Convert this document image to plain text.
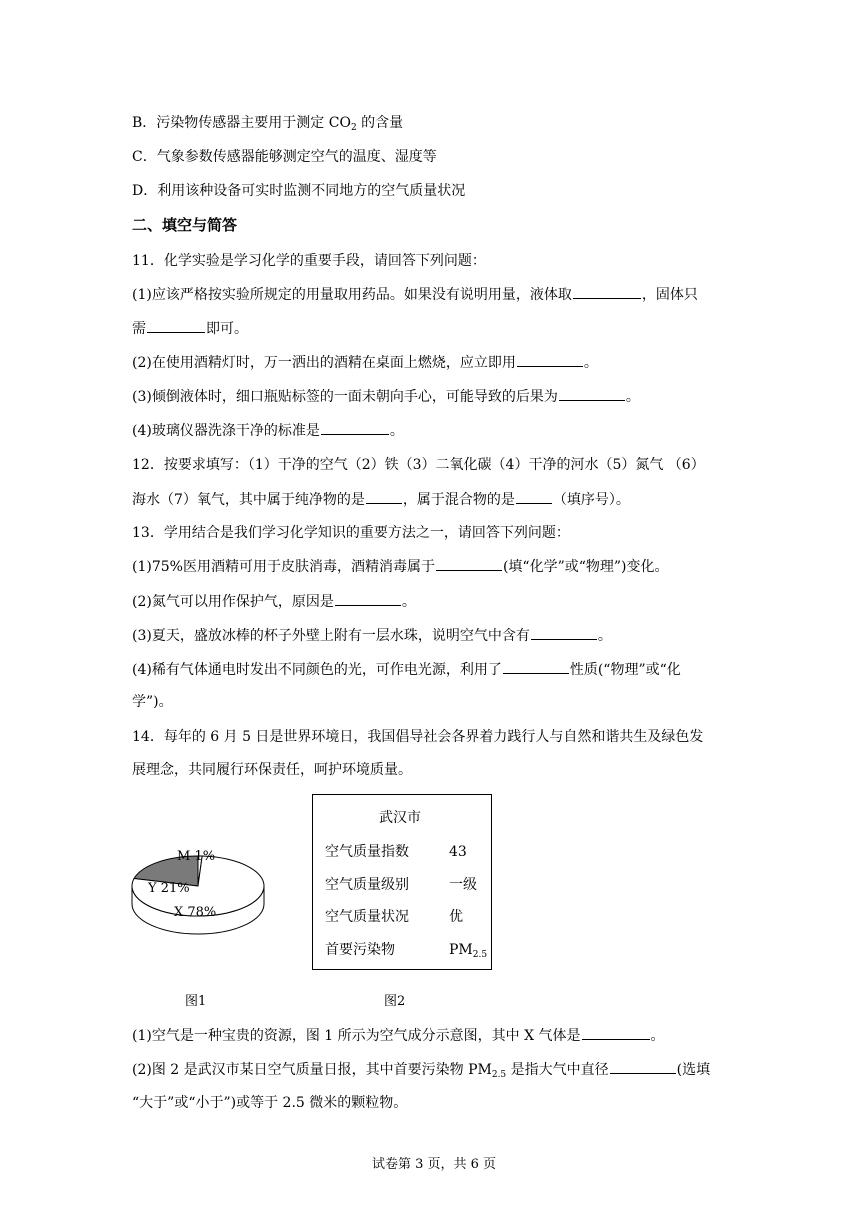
B．污染物传感器主要用于测定 $CO_2$ 的含量
C．气象参数传感器能够测定空气的温度、湿度等
D．利用该种设备可实时监测不同地方的空气质量状况
二、填空与简答
11．化学实验是学习化学的重要手段，请回答下列问题：
(1)应该严格按实验所规定的用量取用药品。如果没有说明用量，液体取	，固体只
需	即可。
(2)在使用酒精灯时，万一洒出的酒精在桌面上燃烧，应立即用	。
(3)倾倒液体时，细口瓶贴标签的一面未朝向手心，可能导致的后果为	。
(4)玻璃仪器洗涤干净的标准是	。
12．按要求填写：（1）干净的空气（2）铁（3）二氧化碳（4）干净的河水（5）氮气 （6）
海水（7）氧气，其中属于纯净物的是	，属于混合物的是	（填序号）。
13．学用结合是我们学习化学知识的重要方法之一，请回答下列问题：
(1)75%医用酒精可用于皮肤消毒，酒精消毒属于	(填“化学”或“物理”)变化。
(2)氮气可以用作保护气，原因是	。
(3)夏天，盛放冰棒的杯子外壁上附有一层水珠，说明空气中含有	。
(4)稀有气体通电时发出不同颜色的光，可作电光源，利用了	性质(“物理”或“化
学”)。
14．每年的 6 月 5 日是世界环境日，我国倡导社会各界着力践行人与自然和谐共生及绿色发
展理念，共同履行环保责任，呵护环境质量。
M 1%
Y 21%
X 78%
图1
武汉市
空气质量指数	43
空气质量级别	一级
空气质量状况	优
首要污染物	$PM_{2.5}$
图2
(1)空气是一种宝贵的资源，图 1 所示为空气成分示意图，其中 X 气体是	。
(2)图 2 是武汉市某日空气质量日报，其中首要污染物 $PM_{2.5}$ 是指大气中直径	(选填
“大于”或“小于”)或等于 2.5 微米的颗粒物。
试卷第 3 页，共 6 页
